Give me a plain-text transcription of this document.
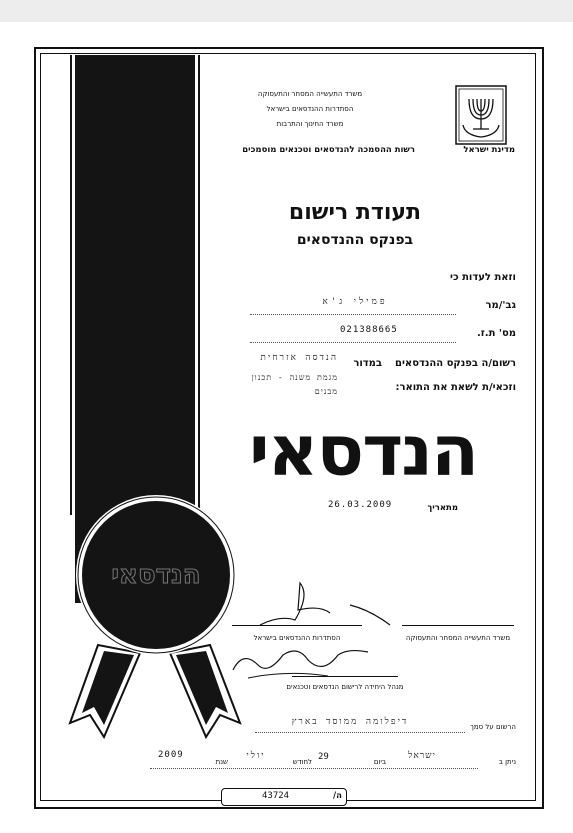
הנדסאי
משרד התעשייה המסחר והתעסוקה
הסתדרות ההנדסאים בישראל
משרד החינוך והתרבות
מדינת ישראל
רשות ההסמכה להנדסאים וטכנאים מוסמכים
תעודת רישום
בפנקס ההנדסאים
וזאת לעדות כי
גב'/מר
פמילי ג'א
מס' ת.ז.
021388665
רשום/ה בפנקס ההנדסאים
במדור
הנדסה אזרחית
מגמת משנה - תכנון מבנים	וזכאי/ת לשאת את התואר:
הנדסאי
מתאריך
26.03.2009
הסתדרות ההנדסאים בישראל	משרד התעשייה המסחר והתעסוקה
מנהל היחידה לרישום הנדסאים וטכנאים
הרשום על סמך
דיפלומה ממוסד בארץ
ניתן ב
ישראל
ביום
29
לחודש
יולי
שנת
2009
ה/
43724
